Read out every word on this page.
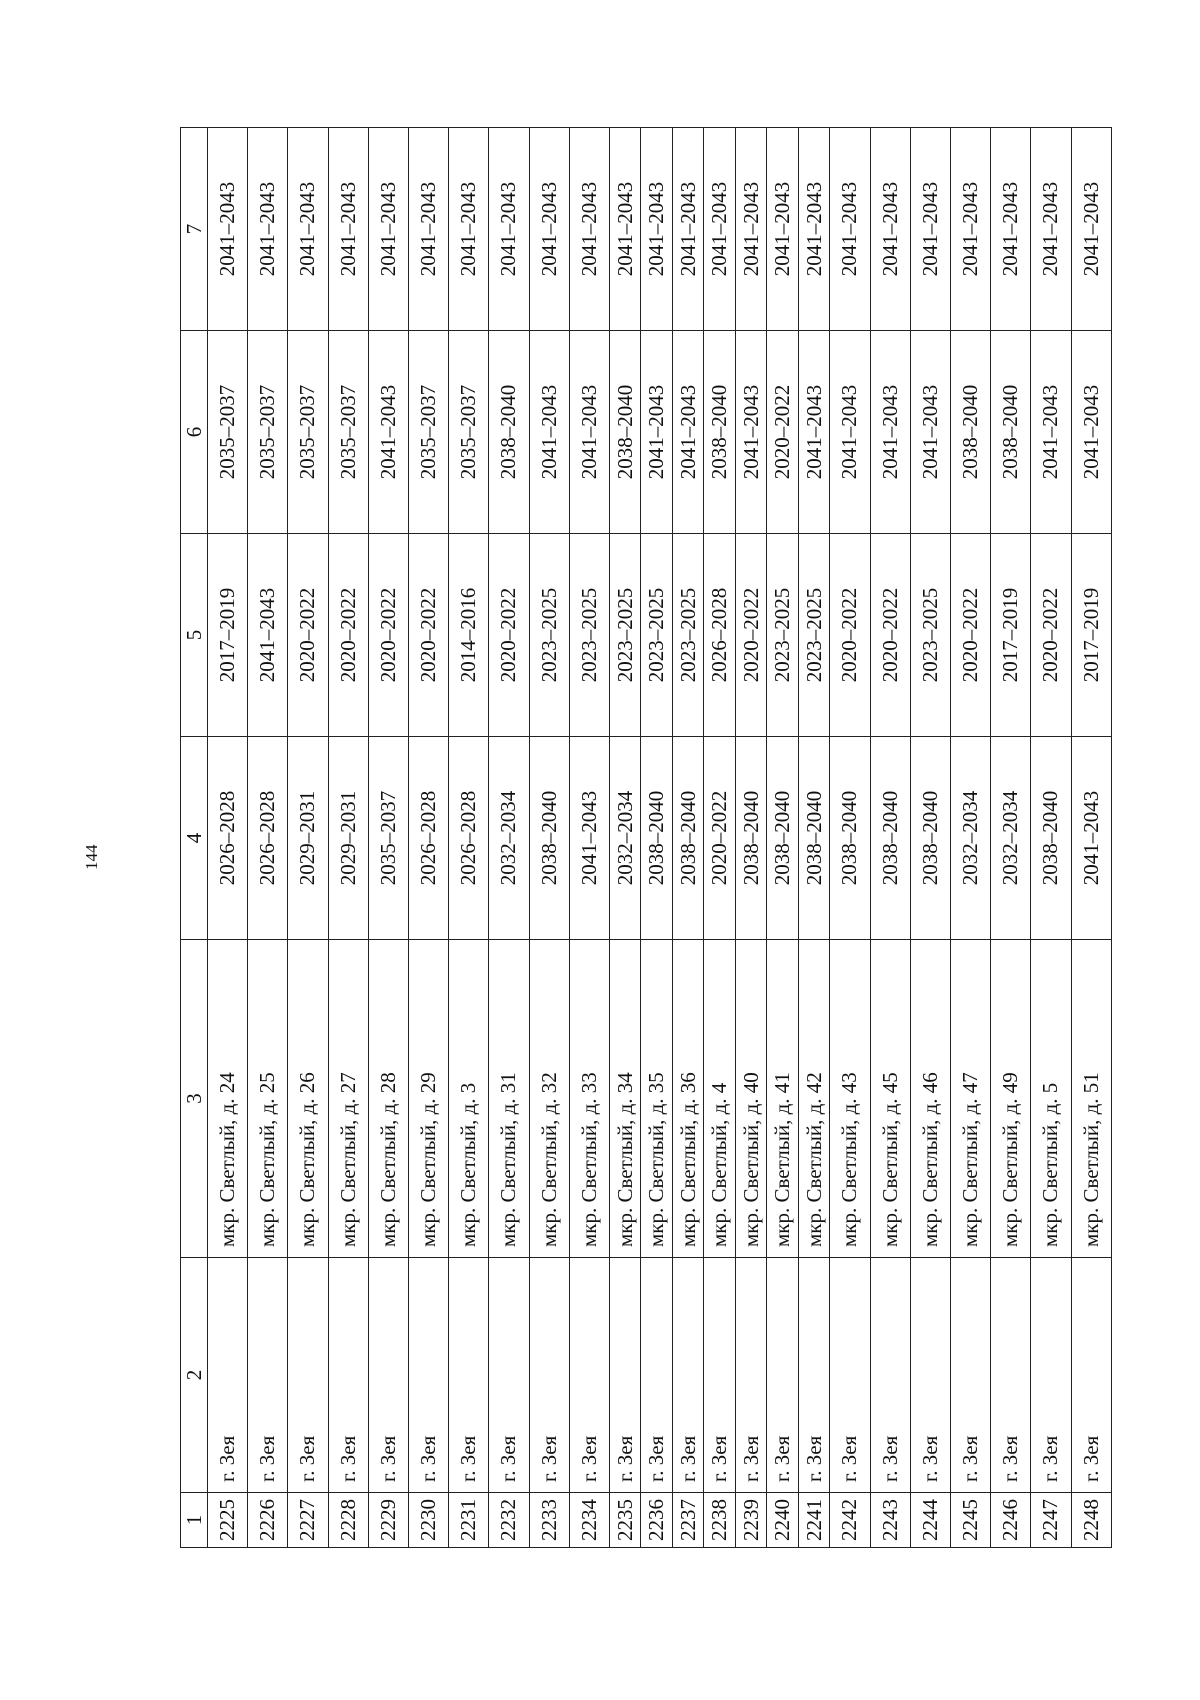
144
1	2	3	4	5	6	7
2225	г. Зея	мкр. Светлый, д. 24	2026–2028	2017–2019	2035–2037	2041–2043
2226	г. Зея	мкр. Светлый, д. 25	2026–2028	2041–2043	2035–2037	2041–2043
2227	г. Зея	мкр. Светлый, д. 26	2029–2031	2020–2022	2035–2037	2041–2043
2228	г. Зея	мкр. Светлый, д. 27	2029–2031	2020–2022	2035–2037	2041–2043
2229	г. Зея	мкр. Светлый, д. 28	2035–2037	2020–2022	2041–2043	2041–2043
2230	г. Зея	мкр. Светлый, д. 29	2026–2028	2020–2022	2035–2037	2041–2043
2231	г. Зея	мкр. Светлый, д. 3	2026–2028	2014–2016	2035–2037	2041–2043
2232	г. Зея	мкр. Светлый, д. 31	2032–2034	2020–2022	2038–2040	2041–2043
2233	г. Зея	мкр. Светлый, д. 32	2038–2040	2023–2025	2041–2043	2041–2043
2234	г. Зея	мкр. Светлый, д. 33	2041–2043	2023–2025	2041–2043	2041–2043
2235	г. Зея	мкр. Светлый, д. 34	2032–2034	2023–2025	2038–2040	2041–2043
2236	г. Зея	мкр. Светлый, д. 35	2038–2040	2023–2025	2041–2043	2041–2043
2237	г. Зея	мкр. Светлый, д. 36	2038–2040	2023–2025	2041–2043	2041–2043
2238	г. Зея	мкр. Светлый, д. 4	2020–2022	2026–2028	2038–2040	2041–2043
2239	г. Зея	мкр. Светлый, д. 40	2038–2040	2020–2022	2041–2043	2041–2043
2240	г. Зея	мкр. Светлый, д. 41	2038–2040	2023–2025	2020–2022	2041–2043
2241	г. Зея	мкр. Светлый, д. 42	2038–2040	2023–2025	2041–2043	2041–2043
2242	г. Зея	мкр. Светлый, д. 43	2038–2040	2020–2022	2041–2043	2041–2043
2243	г. Зея	мкр. Светлый, д. 45	2038–2040	2020–2022	2041–2043	2041–2043
2244	г. Зея	мкр. Светлый, д. 46	2038–2040	2023–2025	2041–2043	2041–2043
2245	г. Зея	мкр. Светлый, д. 47	2032–2034	2020–2022	2038–2040	2041–2043
2246	г. Зея	мкр. Светлый, д. 49	2032–2034	2017–2019	2038–2040	2041–2043
2247	г. Зея	мкр. Светлый, д. 5	2038–2040	2020–2022	2041–2043	2041–2043
2248	г. Зея	мкр. Светлый, д. 51	2041–2043	2017–2019	2041–2043	2041–2043
